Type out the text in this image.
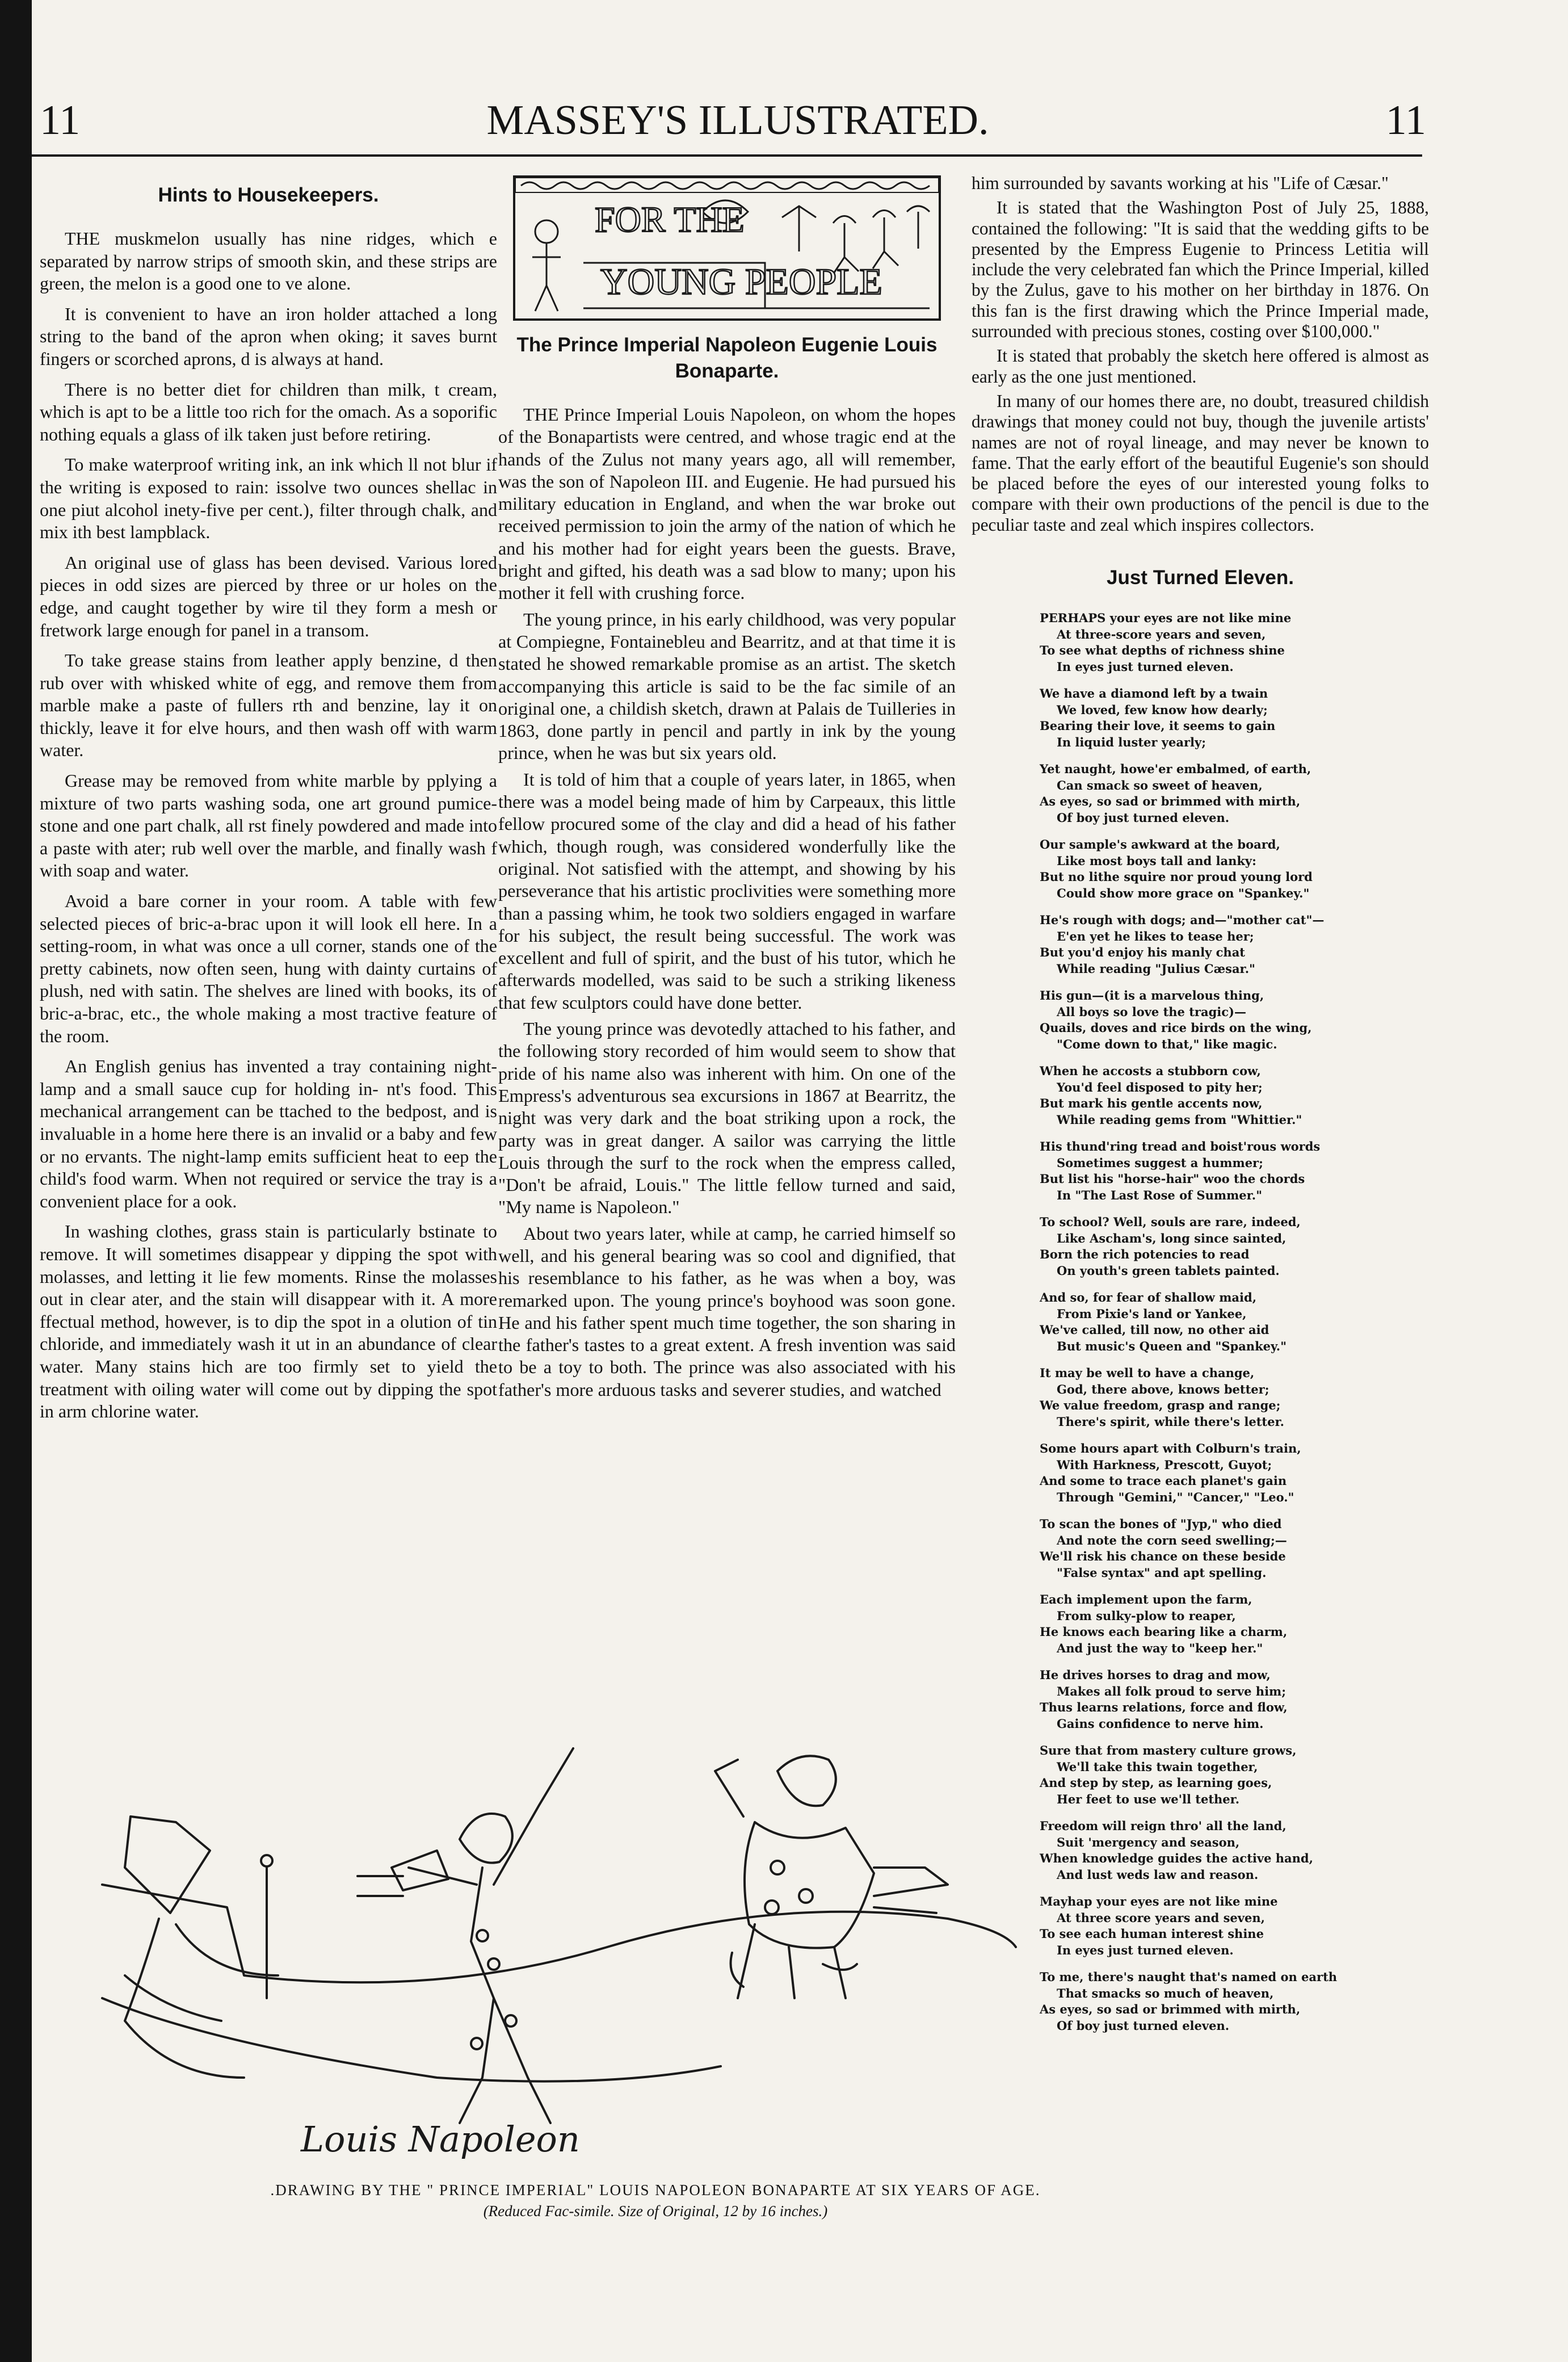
11	MASSEY'S ILLUSTRATED.	11
Hints to Housekeepers.

THE muskmelon usually has nine ridges, which e separated by narrow strips of smooth skin, and these strips are green, the melon is a good one to ve alone.

It is convenient to have an iron holder attached a long string to the band of the apron when oking; it saves burnt fingers or scorched aprons, d is always at hand.

There is no better diet for children than milk, t cream, which is apt to be a little too rich for the omach. As a soporific nothing equals a glass of ilk taken just before retiring.

To make waterproof writing ink, an ink which ll not blur if the writing is exposed to rain: issolve two ounces shellac in one piut alcohol inety-five per cent.), filter through chalk, and mix ith best lampblack.

An original use of glass has been devised. Various lored pieces in odd sizes are pierced by three or ur holes on the edge, and caught together by wire til they form a mesh or fretwork large enough for panel in a transom.

To take grease stains from leather apply benzine, d then rub over with whisked white of egg, and remove them from marble make a paste of fullers rth and benzine, lay it on thickly, leave it for elve hours, and then wash off with warm water.

Grease may be removed from white marble by pplying a mixture of two parts washing soda, one art ground pumice-stone and one part chalk, all rst finely powdered and made into a paste with ater; rub well over the marble, and finally wash f with soap and water.

Avoid a bare corner in your room. A table with few selected pieces of bric-a-brac upon it will look ell here. In a setting-room, in what was once a ull corner, stands one of the pretty cabinets, now often seen, hung with dainty curtains of plush, ned with satin. The shelves are lined with books, its of bric-a-brac, etc., the whole making a most tractive feature of the room.

An English genius has invented a tray containing night-lamp and a small sauce cup for holding in- nt's food. This mechanical arrangement can be ttached to the bedpost, and is invaluable in a home here there is an invalid or a baby and few or no ervants. The night-lamp emits sufficient heat to eep the child's food warm. When not required or service the tray is a convenient place for a ook.

In washing clothes, grass stain is particularly bstinate to remove. It will sometimes disappear y dipping the spot with molasses, and letting it lie few moments. Rinse the molasses out in clear ater, and the stain will disappear with it. A more ffectual method, however, is to dip the spot in a olution of tin chloride, and immediately wash it ut in an abundance of clear water. Many stains hich are too firmly set to yield the treatment with oiling water will come out by dipping the spot in arm chlorine water.

FOR THE
YOUNG PEOPLE
The Prince Imperial Napoleon Eugenie Louis Bonaparte.

THE Prince Imperial Louis Napoleon, on whom the hopes of the Bonapartists were centred, and whose tragic end at the hands of the Zulus not many years ago, all will remember, was the son of Napoleon III. and Eugenie. He had pursued his military education in England, and when the war broke out received permission to join the army of the nation of which he and his mother had for eight years been the guests. Brave, bright and gifted, his death was a sad blow to many; upon his mother it fell with crushing force.

The young prince, in his early childhood, was very popular at Compiegne, Fontainebleu and Bearritz, and at that time it is stated he showed remarkable promise as an artist. The sketch accompanying this article is said to be the fac simile of an original one, a childish sketch, drawn at Palais de Tuilleries in 1863, done partly in pencil and partly in ink by the young prince, when he was but six years old.

It is told of him that a couple of years later, in 1865, when there was a model being made of him by Carpeaux, this little fellow procured some of the clay and did a head of his father which, though rough, was considered wonderfully like the original. Not satisfied with the attempt, and showing by his perseverance that his artistic proclivities were something more than a passing whim, he took two soldiers engaged in warfare for his subject, the result being successful. The work was excellent and full of spirit, and the bust of his tutor, which he afterwards modelled, was said to be such a striking likeness that few sculptors could have done better.

The young prince was devotedly attached to his father, and the following story recorded of him would seem to show that pride of his name also was inherent with him. On one of the Empress's adventurous sea excursions in 1867 at Bearritz, the night was very dark and the boat striking upon a rock, the party was in great danger. A sailor was carrying the little Louis through the surf to the rock when the empress called, "Don't be afraid, Louis." The little fellow turned and said, "My name is Napoleon."

About two years later, while at camp, he carried himself so well, and his general bearing was so cool and dignified, that his resemblance to his father, as he was when a boy, was remarked upon. The young prince's boyhood was soon gone. He and his father spent much time together, the son sharing in the father's tastes to a great extent. A fresh invention was said to be a toy to both. The prince was also associated with his father's more arduous tasks and severer studies, and watched

him surrounded by savants working at his "Life of Cæsar."

It is stated that the Washington Post of July 25, 1888, contained the following: "It is said that the wedding gifts to be presented by the Empress Eugenie to Princess Letitia will include the very celebrated fan which the Prince Imperial, killed by the Zulus, gave to his mother on her birthday in 1876. On this fan is the first drawing which the Prince Imperial made, surrounded with precious stones, costing over $100,000."

It is stated that probably the sketch here offered is almost as early as the one just mentioned.

In many of our homes there are, no doubt, treasured childish drawings that money could not buy, though the juvenile artists' names are not of royal lineage, and may never be known to fame. That the early effort of the beautiful Eugenie's son should be placed before the eyes of our interested young folks to compare with their own productions of the pencil is due to the peculiar taste and zeal which inspires collectors.

Just Turned Eleven.
PERHAPS your eyes are not like mine
At three-score years and seven,
To see what depths of richness shine
In eyes just turned eleven.
We have a diamond left by a twain
We loved, few know how dearly;
Bearing their love, it seems to gain
In liquid luster yearly;
Yet naught, howe'er embalmed, of earth,
Can smack so sweet of heaven,
As eyes, so sad or brimmed with mirth,
Of boy just turned eleven.
Our sample's awkward at the board,
Like most boys tall and lanky:
But no lithe squire nor proud young lord
Could show more grace on "Spankey."
He's rough with dogs; and—"mother cat"—
E'en yet he likes to tease her;
But you'd enjoy his manly chat
While reading "Julius Cæsar."
His gun—(it is a marvelous thing,
All boys so love the tragic)—
Quails, doves and rice birds on the wing,
"Come down to that," like magic.
When he accosts a stubborn cow,
You'd feel disposed to pity her;
But mark his gentle accents now,
While reading gems from "Whittier."
His thund'ring tread and boist'rous words
Sometimes suggest a hummer;
But list his "horse-hair" woo the chords
In "The Last Rose of Summer."
To school? Well, souls are rare, indeed,
Like Ascham's, long since sainted,
Born the rich potencies to read
On youth's green tablets painted.
And so, for fear of shallow maid,
From Pixie's land or Yankee,
We've called, till now, no other aid
But music's Queen and "Spankey."
It may be well to have a change,
God, there above, knows better;
We value freedom, grasp and range;
There's spirit, while there's letter.
Some hours apart with Colburn's train,
With Harkness, Prescott, Guyot;
And some to trace each planet's gain
Through "Gemini," "Cancer," "Leo."
To scan the bones of "Jyp," who died
And note the corn seed swelling;—
We'll risk his chance on these beside
"False syntax" and apt spelling.
Each implement upon the farm,
From sulky-plow to reaper,
He knows each bearing like a charm,
And just the way to "keep her."
He drives horses to drag and mow,
Makes all folk proud to serve him;
Thus learns relations, force and flow,
Gains confidence to nerve him.
Sure that from mastery culture grows,
We'll take this twain together,
And step by step, as learning goes,
Her feet to use we'll tether.
Freedom will reign thro' all the land,
Suit 'mergency and season,
When knowledge guides the active hand,
And lust weds law and reason.
Mayhap your eyes are not like mine
At three score years and seven,
To see each human interest shine
In eyes just turned eleven.
To me, there's naught that's named on earth
That smacks so much of heaven,
As eyes, so sad or brimmed with mirth,
Of boy just turned eleven.
Louis Napoleon
.DRAWING BY THE " PRINCE IMPERIAL" LOUIS NAPOLEON BONAPARTE AT SIX YEARS OF AGE.
(Reduced Fac-simile. Size of Original, 12 by 16 inches.)
